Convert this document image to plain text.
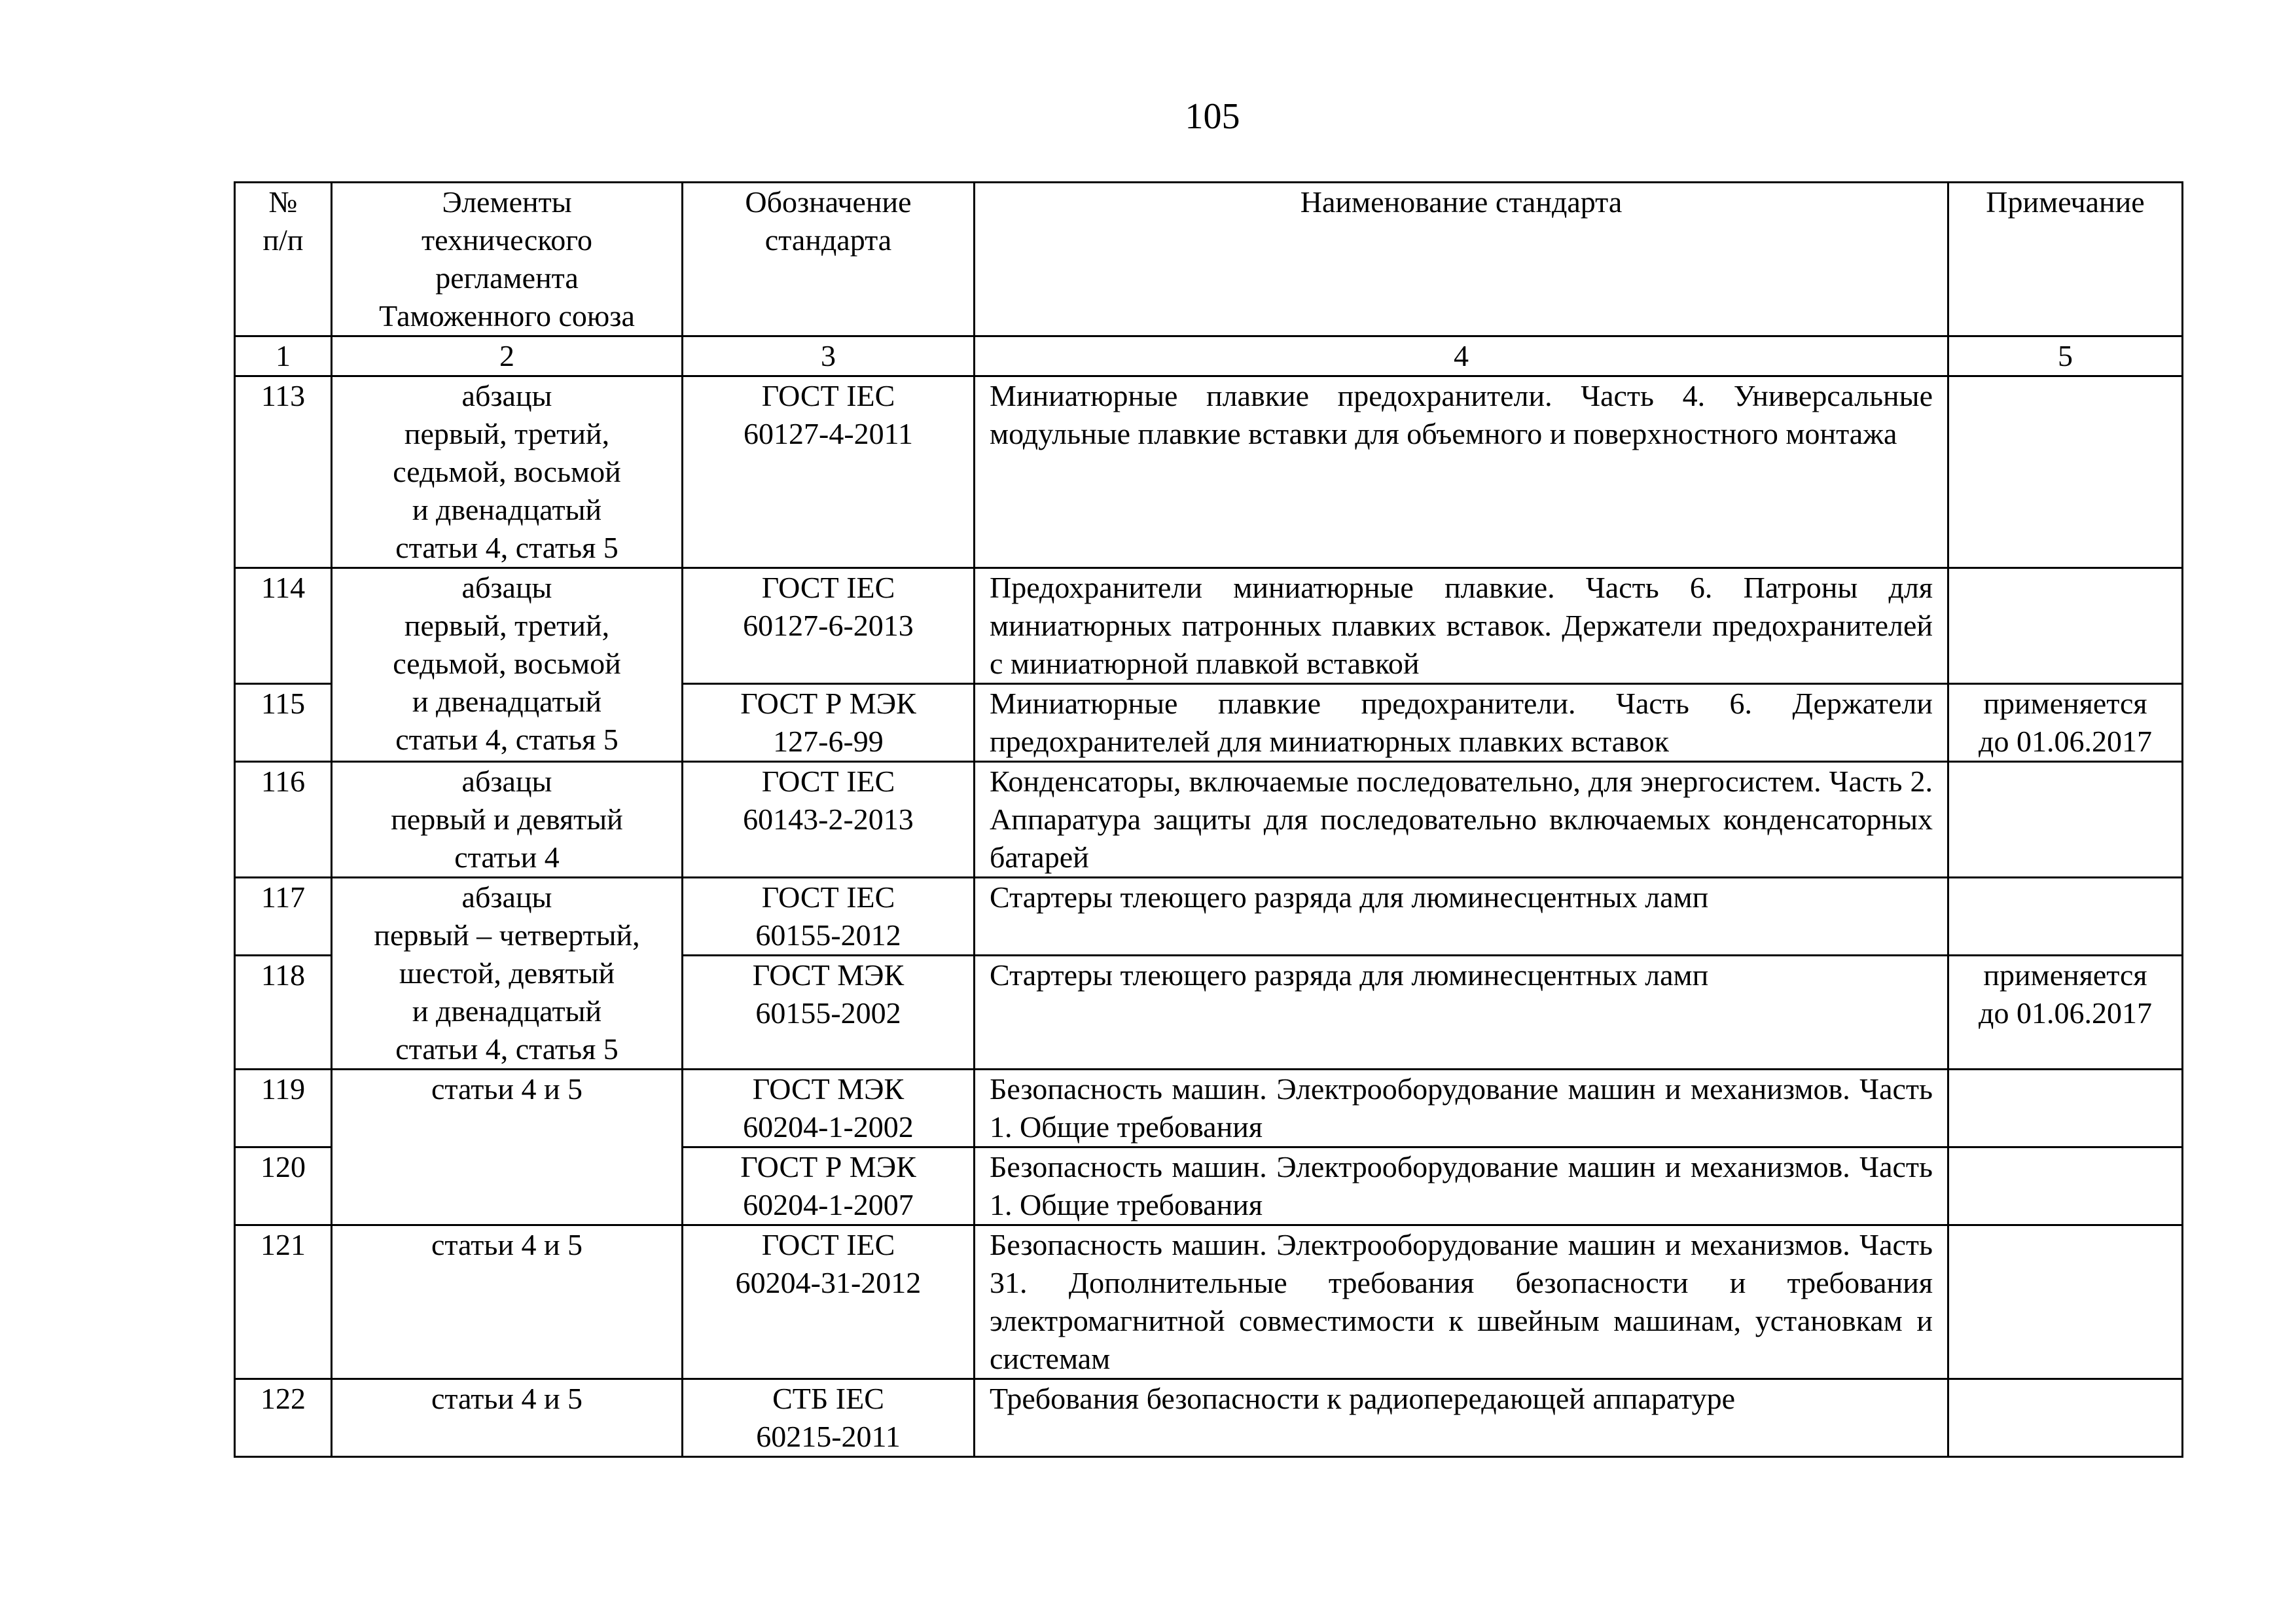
105
№
п/п	Элементы
технического
регламента
Таможенного союза	Обозначение
стандарта	Наименование стандарта	Примечание
1	2	3	4	5
113	абзацы
первый, третий,
седьмой, восьмой
и двенадцатый
статьи 4, статья 5	ГОСТ IEC
60127-4-2011	Миниатюрные плавкие предохранители. Часть 4. Универсальные модульные плавкие вставки для объемного и поверхностного монтажа	
114	абзацы
первый, третий,
седьмой, восьмой
и двенадцатый
статьи 4, статья 5	ГОСТ IEC
60127-6-2013	Предохранители миниатюрные плавкие. Часть 6. Патроны для миниатюрных патронных плавких вставок. Держатели предохранителей с миниатюрной плавкой вставкой	
115		ГОСТ Р МЭК
127-6-99	Миниатюрные плавкие предохранители. Часть 6. Держатели предохранителей для миниатюрных плавких вставок	применяется
до 01.06.2017

116	абзацы
первый и девятый
статьи 4	ГОСТ IEC
60143-2-2013	Конденсаторы, включаемые последовательно, для энергосистем. Часть 2. Аппаратура защиты для последовательно включаемых конденсаторных батарей	
117	абзацы
первый – четвертый,
шестой, девятый
и двенадцатый
статьи 4, статья 5	ГОСТ IEC
60155-2012	Стартеры тлеющего разряда для люминесцентных ламп	
118		ГОСТ МЭК
60155-2002	Стартеры тлеющего разряда для люминесцентных ламп	применяется
до 01.06.2017

119	статьи 4 и 5	ГОСТ МЭК
60204-1-2002	Безопасность машин. Электрооборудование машин и механизмов. Часть 1. Общие требования	
120		ГОСТ Р МЭК
60204-1-2007	Безопасность машин. Электрооборудование машин и механизмов. Часть 1. Общие требования	
121	статьи 4 и 5	ГОСТ IEC
60204-31-2012	Безопасность машин. Электрооборудование машин и механизмов. Часть 31. Дополнительные требования безопасности и требования электромагнитной совместимости к швейным машинам, установкам и системам	
122	статьи 4 и 5	СТБ IEC
60215-2011	Требования безопасности к радиопередающей аппаратуре	
